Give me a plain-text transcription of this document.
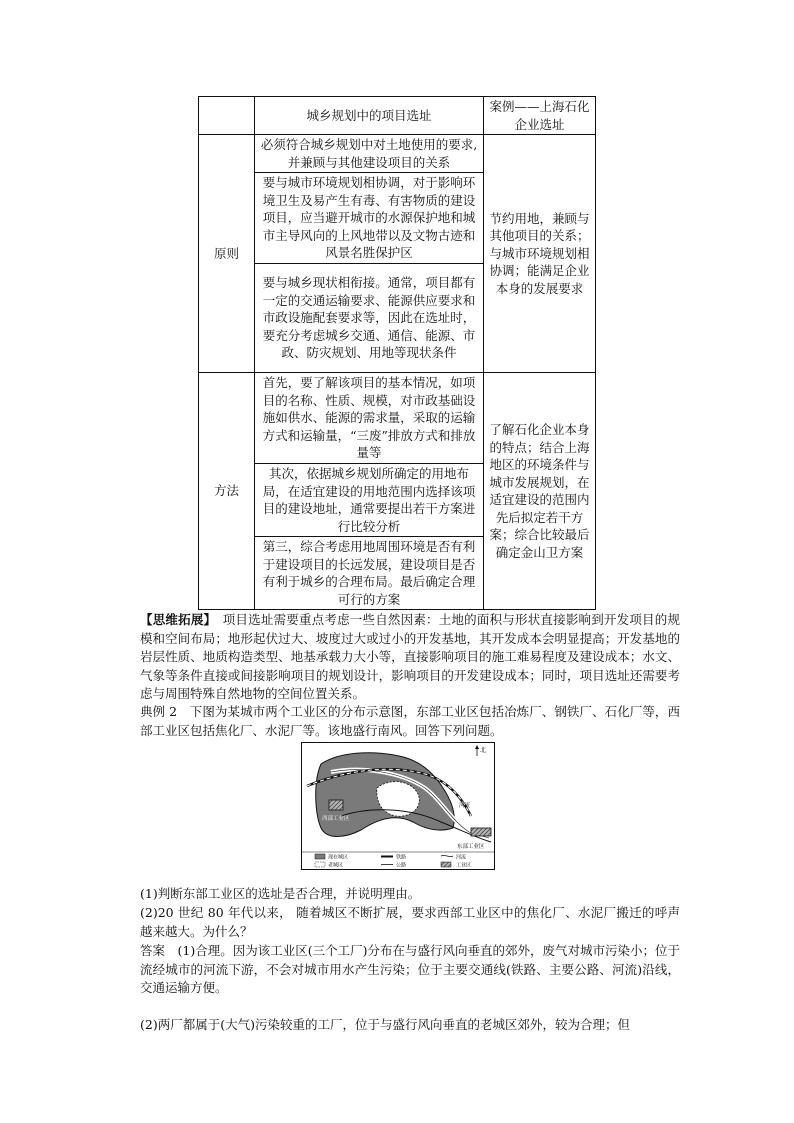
	城乡规划中的项目选址	案例——上海石化企业选址
原则	必须符合城乡规划中对土地使用的要求,并兼顾与其他建设项目的关系	节约用地，兼顾与其他项目的关系；与城市环境规划相协调；能满足企业本身的发展要求
	要与城市环境规划相协调，对于影响环境卫生及易产生有毒、有害物质的建设项目，应当避开城市的水源保护地和城市主导风向的上风地带以及文物古迹和风景名胜保护区	
	要与城乡现状相衔接。通常，项目都有一定的交通运输要求、能源供应要求和市政设施配套要求等，因此在选址时，要充分考虑城乡交通、通信、能源、市政、防灾规划、用地等现状条件	
方法	首先，要了解该项目的基本情况，如项目的名称、性质、规模，对市政基础设施如供水、能源的需求量，采取的运输方式和运输量，“三废”排放方式和排放量等	了解石化企业本身的特点；结合上海地区的环境条件与城市发展规划，在适宜建设的范围内先后拟定若干方案；综合比较最后确定金山卫方案
	其次，依据城乡规划所确定的用地布局，在适宜建设的用地范围内选择该项目的建设地址，通常要提出若干方案进行比较分析	
	第三，综合考虑用地周围环境是否有利于建设项目的长远发展，建设项目是否有利于城乡的合理布局。最后确定合理可行的方案	

【思维拓展】　 项目选址需要重点考虑一些自然因素：土地的面积与形状直接影响到开发项目的规模和空间布局；地形起伏过大、坡度过大或过小的开发基地，其开发成本会明显提高；开发基地的岩层性质、地质构造类型、地基承载力大小等，直接影响项目的施工难易程度及建设成本；水文、气象等条件直接或间接影响项目的规划设计，影响项目的开发建设成本；同时，项目选址还需要考虑与周围特殊自然地物的空间位置关系。

典例 2　下图为某城市两个工业区的分布示意图，东部工业区包括冶炼厂、钢铁厂、石化厂等，西部工业区包括焦化厂、水泥厂等。该地盛行南风。回答下列问题。

北
西部工业区
东部工业区
河流
现在城区	铁路	河流
老城区	公路	工业区

(1)判断东部工业区的选址是否合理，并说明理由。

(2)20 世纪 80 年代以来， 随着城区不断扩展，要求西部工业区中的焦化厂、水泥厂搬迁的呼声越来越大。为什么？

答案　(1)合理。因为该工业区(三个工厂)分布在与盛行风向垂直的郊外，废气对城市污染小；位于流经城市的河流下游，不会对城市用水产生污染；位于主要交通线(铁路、主要公路、河流)沿线，交通运输方便。

(2)两厂都属于(大气)污染较重的工厂，位于与盛行风向垂直的老城区郊外，较为合理；但
